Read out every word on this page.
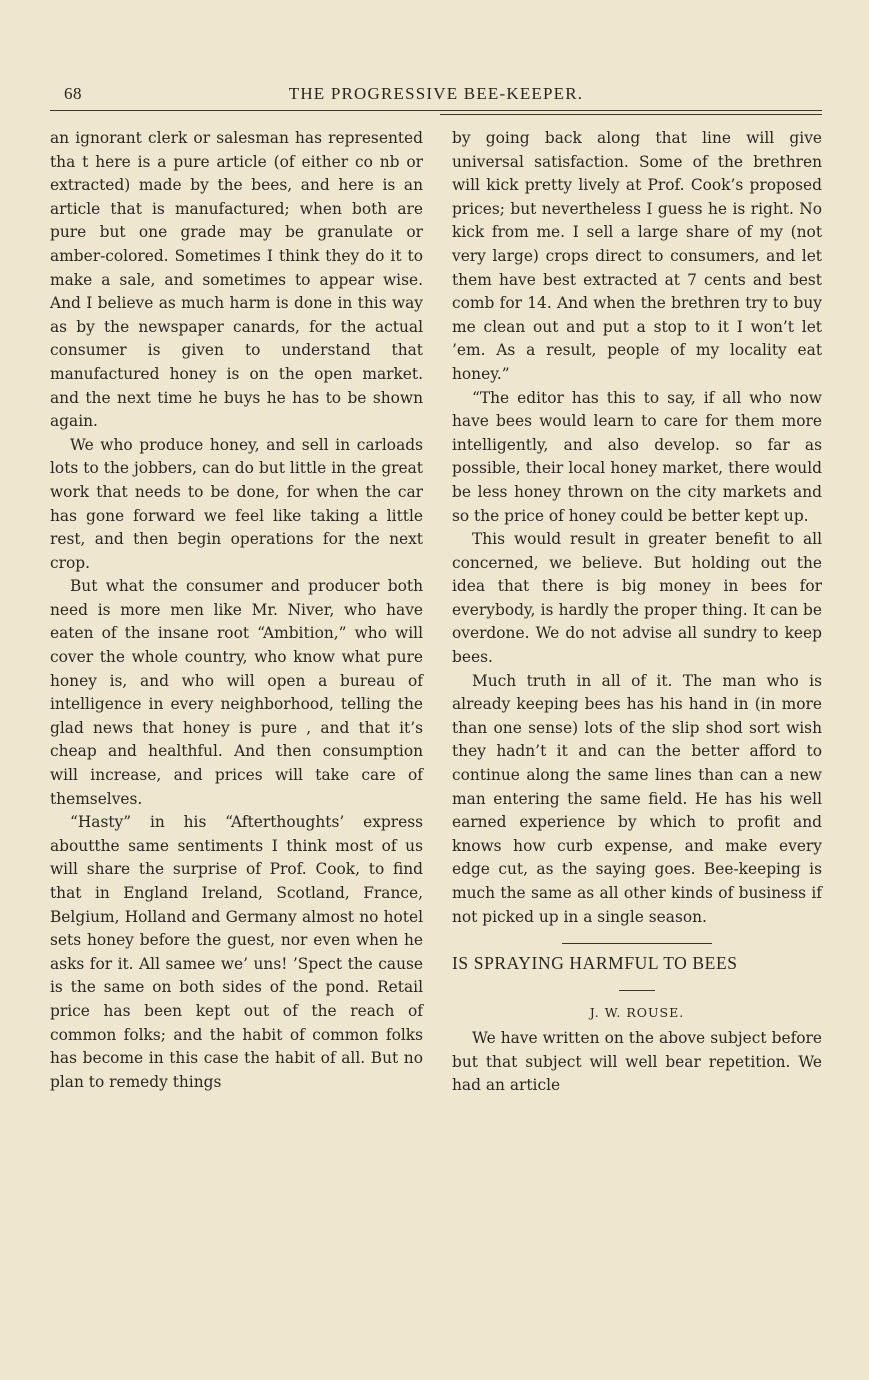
68	THE PROGRESSIVE BEE-KEEPER.

an ignorant clerk or salesman has represented tha t here is a pure article (of either co nb or extracted) made by the bees, and here is an article that is manufactured; when both are pure but one grade may be granulate or amber-colored. Sometimes I think they do it to make a sale, and sometimes to appear wise. And I believe as much harm is done in this way as by the newspaper canards, for the actual consumer is given to understand that manufactured honey is on the open market. and the next time he buys he has to be shown again.

We who produce honey, and sell in carloads lots to the jobbers, can do but little in the great work that needs to be done, for when the car has gone forward we feel like taking a little rest, and then begin operations for the next crop.

But what the consumer and producer both need is more men like Mr. Niver, who have eaten of the insane root “Ambition,” who will cover the whole country, who know what pure honey is, and who will open a bureau of intelligence in every neighborhood, telling the glad news that honey is pure , and that it’s cheap and healthful. And then consumption will increase, and prices will take care of themselves.

“Hasty” in his “Afterthoughts’ express aboutthe same sentiments I think most of us will share the surprise of Prof. Cook, to find that in England Ireland, Scotland, France, Belgium, Holland and Germany almost no hotel sets honey before the guest, nor even when he asks for it. All samee we’ uns! ’Spect the cause is the same on both sides of the pond. Retail price has been kept out of the reach of common folks; and the habit of common folks has become in this case the habit of all. But no plan to remedy things

by going back along that line will give universal satisfaction. Some of the brethren will kick pretty lively at Prof. Cook’s proposed prices; but nevertheless I guess he is right. No kick from me. I sell a large share of my (not very large) crops direct to consumers, and let them have best extracted at 7 cents and best comb for 14. And when the brethren try to buy me clean out and put a stop to it I won’t let ’em. As a result, people of my locality eat honey.”

“The editor has this to say, if all who now have bees would learn to care for them more intelligently, and also develop. so far as possible, their local honey market, there would be less honey thrown on the city markets and so the price of honey could be better kept up.

This would result in greater benefit to all concerned, we believe. But holding out the idea that there is big money in bees for everybody, is hardly the proper thing. It can be overdone. We do not advise all sundry to keep bees.

Much truth in all of it. The man who is already keeping bees has his hand in (in more than one sense) lots of the slip shod sort wish they hadn’t it and can the better afford to continue along the same lines than can a new man entering the same field. He has his well earned experience by which to profit and knows how curb expense, and make every edge cut, as the saying goes. Bee-keeping is much the same as all other kinds of business if not picked up in a single season.

IS SPRAYING HARMFUL TO BEES
J. W. ROUSE.

We have written on the above subject before but that subject will well bear repetition. We had an article
